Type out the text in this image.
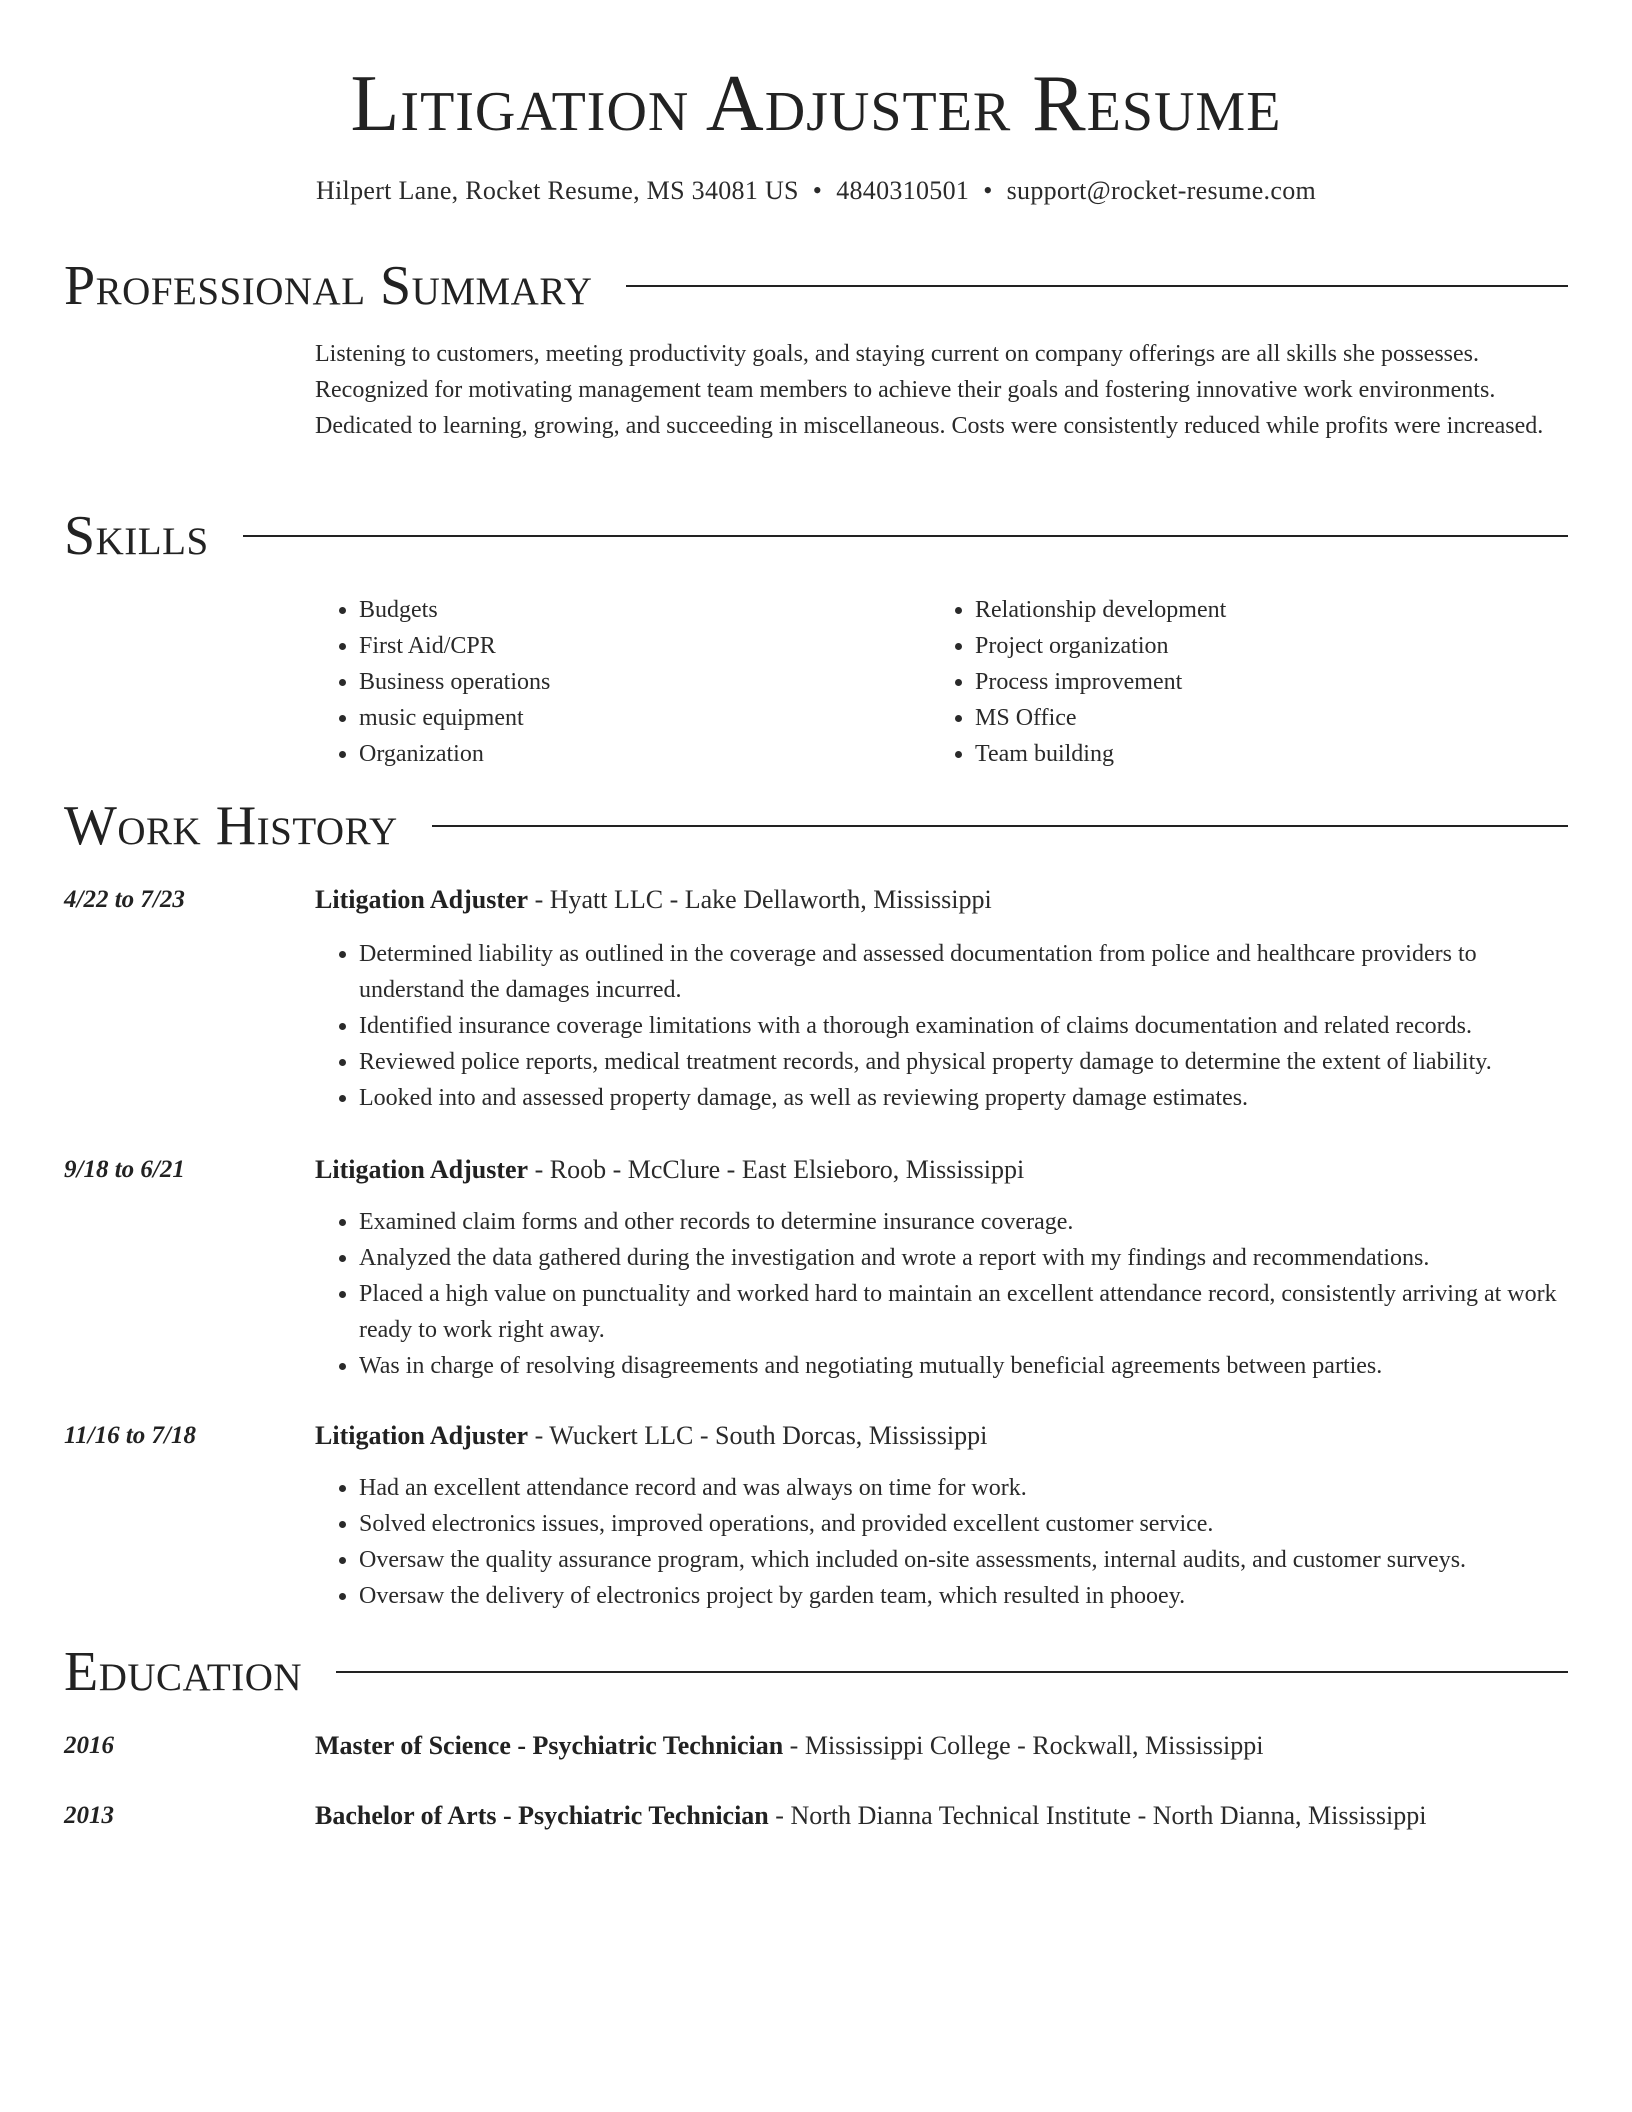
Litigation Adjuster Resume
Hilpert Lane, Rocket Resume, MS 34081 US • 4840310501 • support@rocket-resume.com
Professional Summary
Listening to customers, meeting productivity goals, and staying current on company offerings are all skills she possesses. Recognized for motivating management team members to achieve their goals and fostering innovative work environments. Dedicated to learning, growing, and succeeding in miscellaneous. Costs were consistently reduced while profits were increased.
Skills
• Budgets
• First Aid/CPR
• Business operations
• music equipment
• Organization
• Relationship development
• Project organization
• Process improvement
• MS Office
• Team building
Work History
4/22 to 7/23	Litigation Adjuster - Hyatt LLC - Lake Dellaworth, Mississippi
• Determined liability as outlined in the coverage and assessed documentation from police and healthcare providers to understand the damages incurred.
• Identified insurance coverage limitations with a thorough examination of claims documentation and related records.
• Reviewed police reports, medical treatment records, and physical property damage to determine the extent of liability.
• Looked into and assessed property damage, as well as reviewing property damage estimates.
9/18 to 6/21	Litigation Adjuster - Roob - McClure - East Elsieboro, Mississippi
• Examined claim forms and other records to determine insurance coverage.
• Analyzed the data gathered during the investigation and wrote a report with my findings and recommendations.
• Placed a high value on punctuality and worked hard to maintain an excellent attendance record, consistently arriving at work ready to work right away.
• Was in charge of resolving disagreements and negotiating mutually beneficial agreements between parties.
11/16 to 7/18	Litigation Adjuster - Wuckert LLC - South Dorcas, Mississippi
• Had an excellent attendance record and was always on time for work.
• Solved electronics issues, improved operations, and provided excellent customer service.
• Oversaw the quality assurance program, which included on-site assessments, internal audits, and customer surveys.
• Oversaw the delivery of electronics project by garden team, which resulted in phooey.
Education
2016	Master of Science - Psychiatric Technician - Mississippi College - Rockwall, Mississippi
2013	Bachelor of Arts - Psychiatric Technician - North Dianna Technical Institute - North Dianna, Mississippi
